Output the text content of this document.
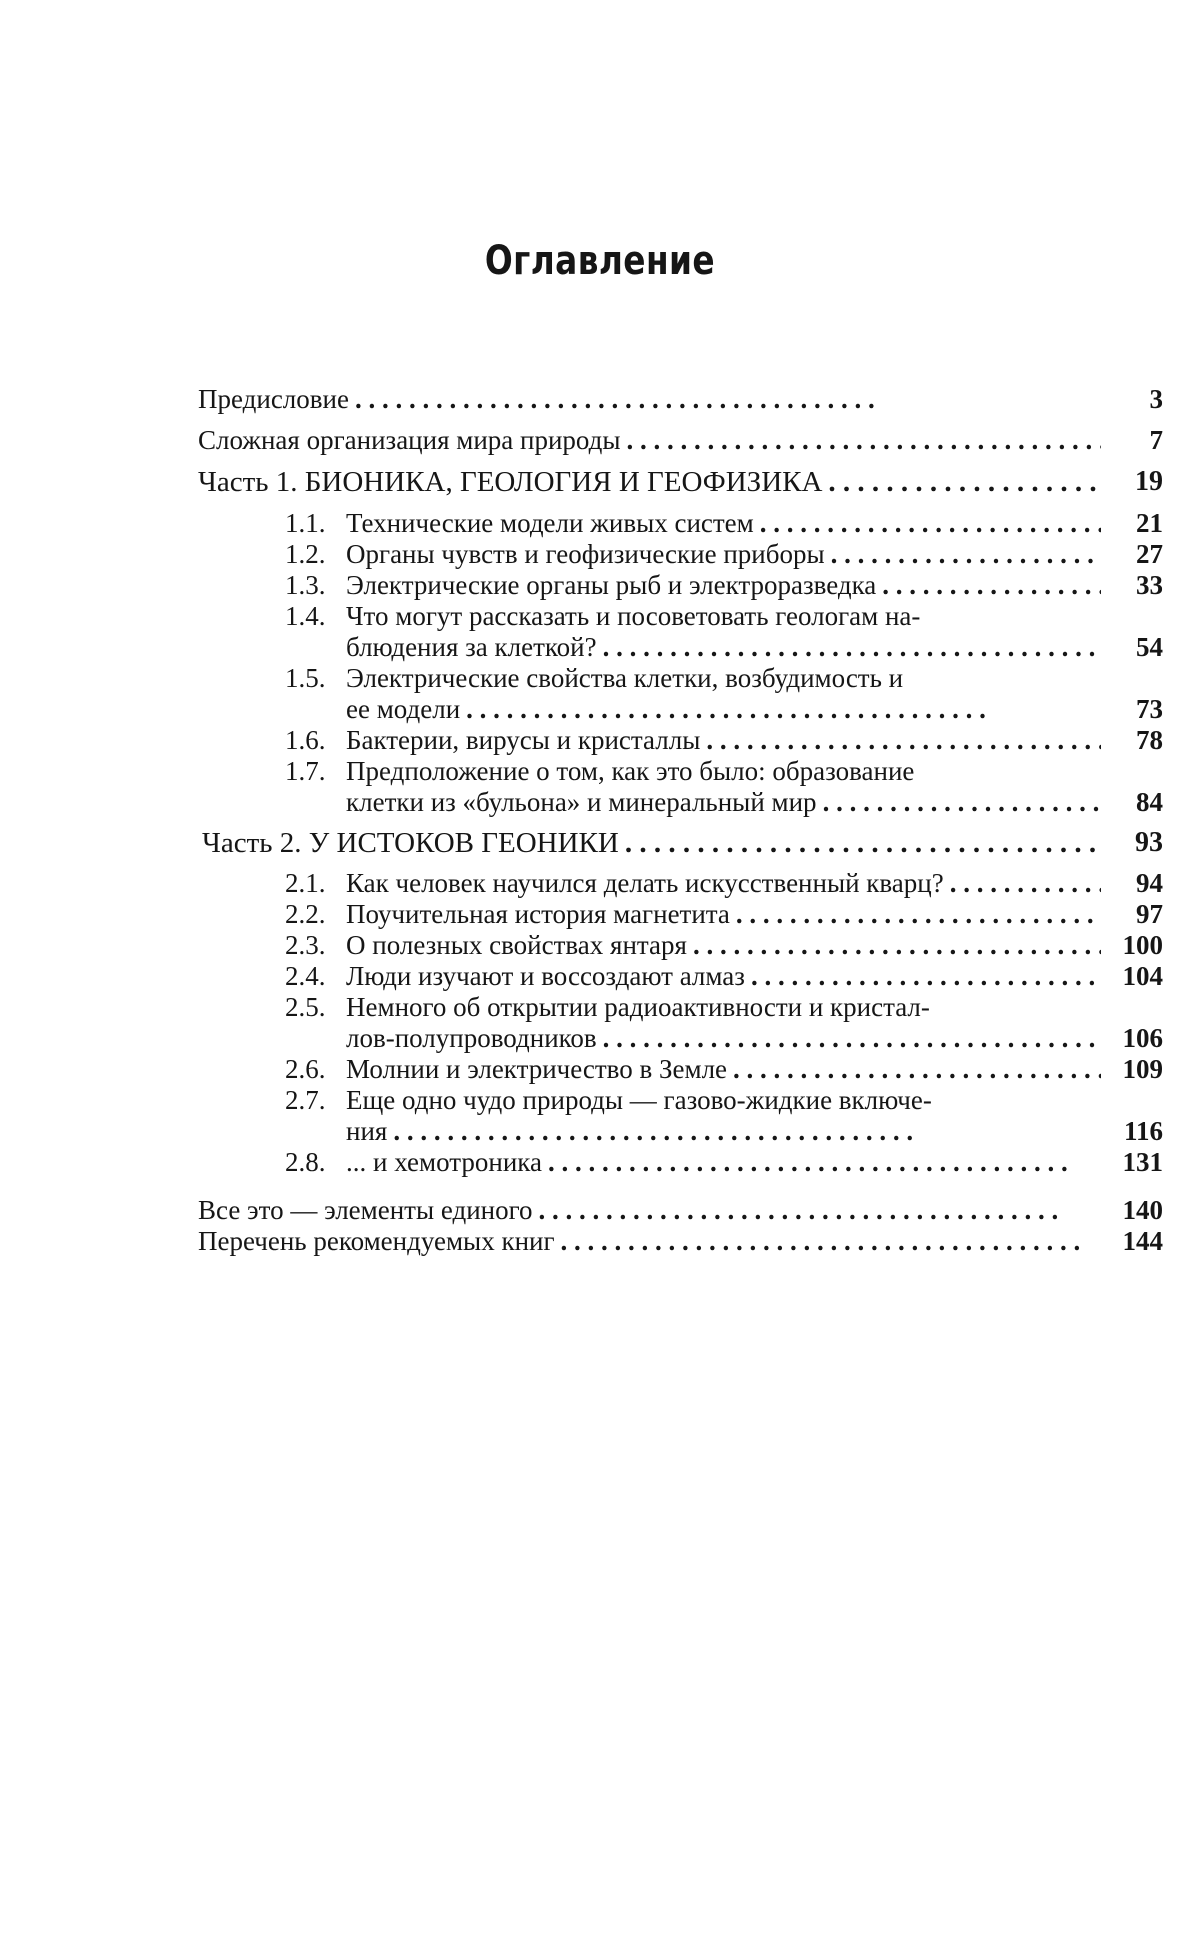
Оглавление
Предисловие . .	3
Сложная организация мира природы . .	7
Часть 1. БИОНИКА, ГЕОЛОГИЯ И ГЕОФИЗИКА . .	19
1.1. Технические модели живых систем . .	21
1.2. Органы чувств и геофизические приборы . .	27
1.3. Электрические органы рыб и электроразведка . .	33
1.4. Что могут рассказать и посоветовать геологам на-
блюдения за клеткой? . .	54
1.5. Электрические свойства клетки, возбудимость и
ее модели . .	73
1.6. Бактерии, вирусы и кристаллы . .	78
1.7. Предположение о том, как это было: образование
клетки из «бульона» и минеральный мир . .	84
Часть 2. У ИСТОКОВ ГЕОНИКИ . .	93
2.1. Как человек научился делать искусственный кварц? . .	94
2.2. Поучительная история магнетита . .	97
2.3. О полезных свойствах янтаря . .	100
2.4. Люди изучают и воссоздают алмаз . .	104
2.5. Немного об открытии радиоактивности и кристал-
лов-полупроводников . .	106
2.6. Молнии и электричество в Земле . .	109
2.7. Еще одно чудо природы — газово-жидкие включе-
ния . .	116
2.8. ... и хемотроника . .	131
Все это — элементы единого . .	140
Перечень рекомендуемых книг . .	144
